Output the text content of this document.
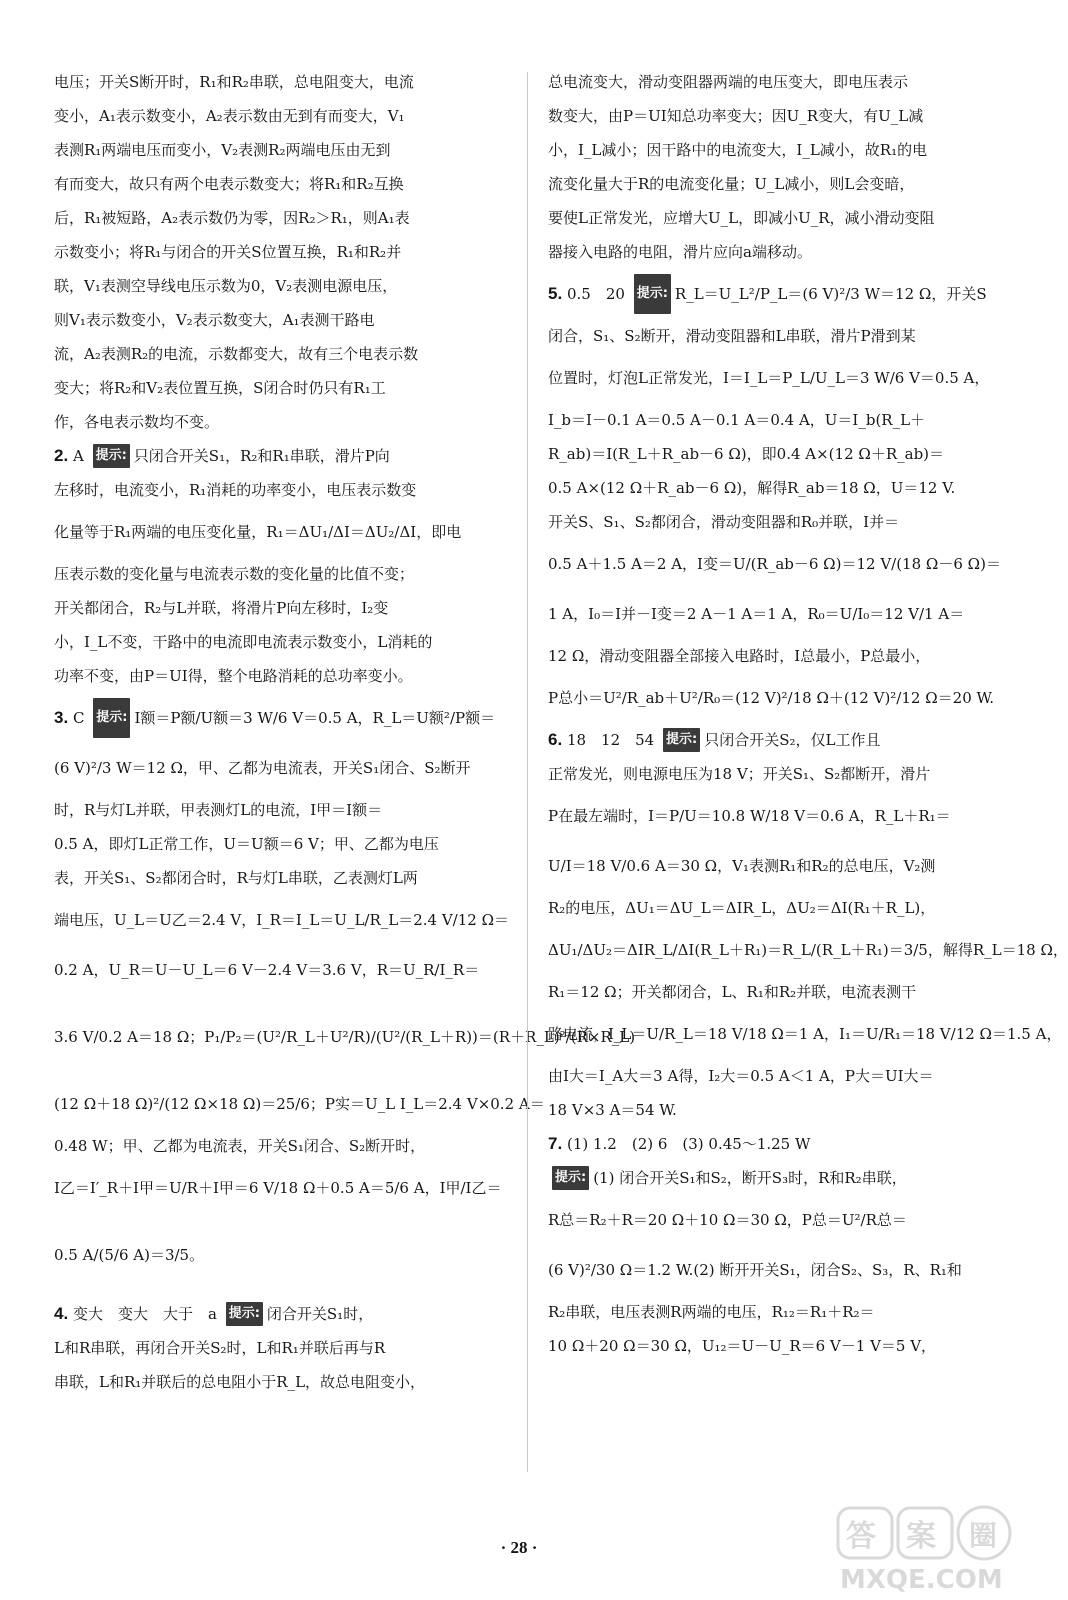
电压；开关S断开时，R₁和R₂串联，总电阻变大，电流
变小，A₁表示数变小，A₂表示数由无到有而变大，V₁
表测R₁两端电压而变小，V₂表测R₂两端电压由无到
有而变大，故只有两个电表示数变大；将R₁和R₂互换
后，R₁被短路，A₂表示数仍为零，因R₂＞R₁，则A₁表
示数变小；将R₁与闭合的开关S位置互换，R₁和R₂并
联，V₁表测空导线电压示数为0，V₂表测电源电压，
则V₁表示数变小，V₂表示数变大，A₁表测干路电
流，A₂表测R₂的电流，示数都变大，故有三个电表示数
变大；将R₂和V₂表位置互换，S闭合时仍只有R₁工
作，各电表示数均不变。
2. A 提示: 只闭合开关S₁，R₂和R₁串联，滑片P向
左移时，电流变小，R₁消耗的功率变小，电压表示数变
化量等于R₁两端的电压变化量，R₁＝ΔU₁/ΔI＝ΔU₂/ΔI，即电
压表示数的变化量与电流表示数的变化量的比值不变；
开关都闭合，R₂与L并联，将滑片P向左移时，I₂变
小，I_L不变，干路中的电流即电流表示数变小，L消耗的
功率不变，由P＝UI得，整个电路消耗的总功率变小。
3. C 提示: I额＝P额/U额＝3 W/6 V＝0.5 A，R_L＝U额²/P额＝
(6 V)²/3 W＝12 Ω，甲、乙都为电流表，开关S₁闭合、S₂断开
时，R与灯L并联，甲表测灯L的电流，I甲＝I额＝
0.5 A，即灯L正常工作，U＝U额＝6 V；甲、乙都为电压
表，开关S₁、S₂都闭合时，R与灯L串联，乙表测灯L两
端电压，U_L＝U乙＝2.4 V，I_R＝I_L＝U_L/R_L＝2.4 V/12 Ω＝
0.2 A，U_R＝U－U_L＝6 V－2.4 V＝3.6 V，R＝U_R/I_R＝
3.6 V/0.2 A＝18 Ω；P₁/P₂＝(U²/R_L＋U²/R)/(U²/(R_L＋R))＝(R＋R_L)²/(R×R_L)
(12 Ω＋18 Ω)²/(12 Ω×18 Ω)＝25/6；P实＝U_L I_L＝2.4 V×0.2 A＝
0.48 W；甲、乙都为电流表，开关S₁闭合、S₂断开时，
I乙＝I′_R＋I甲＝U/R＋I甲＝6 V/18 Ω＋0.5 A＝5/6 A，I甲/I乙＝
0.5 A/(5/6 A)＝3/5。
4. 变大　变大　大于　a 提示: 闭合开关S₁时，
L和R串联，再闭合开关S₂时，L和R₁并联后再与R
串联，L和R₁并联后的总电阻小于R_L，故总电阻变小，
总电流变大，滑动变阻器两端的电压变大，即电压表示
数变大，由P＝UI知总功率变大；因U_R变大，有U_L减
小，I_L减小；因干路中的电流变大，I_L减小，故R₁的电
流变化量大于R的电流变化量；U_L减小，则L会变暗，
要使L正常发光，应增大U_L，即减小U_R，减小滑动变阻
器接入电路的电阻，滑片应向a端移动。
5. 0.5　20 提示: R_L＝U_L²/P_L＝(6 V)²/3 W＝12 Ω，开关S
闭合，S₁、S₂断开，滑动变阻器和L串联，滑片P滑到某
位置时，灯泡L正常发光，I＝I_L＝P_L/U_L＝3 W/6 V＝0.5 A，
I_b＝I－0.1 A＝0.5 A－0.1 A＝0.4 A，U＝I_b(R_L＋
R_ab)＝I(R_L＋R_ab－6 Ω)，即0.4 A×(12 Ω＋R_ab)＝
0.5 A×(12 Ω＋R_ab－6 Ω)，解得R_ab＝18 Ω，U＝12 V.
开关S、S₁、S₂都闭合，滑动变阻器和R₀并联，I并＝
0.5 A＋1.5 A＝2 A，I变＝U/(R_ab－6 Ω)＝12 V/(18 Ω－6 Ω)＝
1 A，I₀＝I并－I变＝2 A－1 A＝1 A，R₀＝U/I₀＝12 V/1 A＝
12 Ω，滑动变阻器全部接入电路时，I总最小，P总最小，
P总小＝U²/R_ab＋U²/R₀＝(12 V)²/18 Ω＋(12 V)²/12 Ω＝20 W.
6. 18　12　54 提示: 只闭合开关S₂，仅L工作且
正常发光，则电源电压为18 V；开关S₁、S₂都断开，滑片
P在最左端时，I＝P/U＝10.8 W/18 V＝0.6 A，R_L＋R₁＝
U/I＝18 V/0.6 A＝30 Ω，V₁表测R₁和R₂的总电压，V₂测
R₂的电压，ΔU₁＝ΔU_L＝ΔIR_L，ΔU₂＝ΔI(R₁＋R_L)，
ΔU₁/ΔU₂＝ΔIR_L/ΔI(R_L＋R₁)＝R_L/(R_L＋R₁)＝3/5，解得R_L＝18 Ω，
R₁＝12 Ω；开关都闭合，L、R₁和R₂并联，电流表测干
路电流，I_L＝U/R_L＝18 V/18 Ω＝1 A，I₁＝U/R₁＝18 V/12 Ω＝1.5 A，
由I大＝I_A大＝3 A得，I₂大＝0.5 A＜1 A，P大＝UI大＝
18 V×3 A＝54 W.
7. (1) 1.2　(2) 6　(3) 0.45～1.25 W
提示: (1) 闭合开关S₁和S₂，断开S₃时，R和R₂串联，
R总＝R₂＋R＝20 Ω＋10 Ω＝30 Ω，P总＝U²/R总＝
(6 V)²/30 Ω＝1.2 W.(2) 断开开关S₁，闭合S₂、S₃，R、R₁和
R₂串联，电压表测R两端的电压，R₁₂＝R₁＋R₂＝
10 Ω＋20 Ω＝30 Ω，U₁₂＝U－U_R＝6 V－1 V＝5 V，
· 28 ·	答 案 圈
MXQE.COM
